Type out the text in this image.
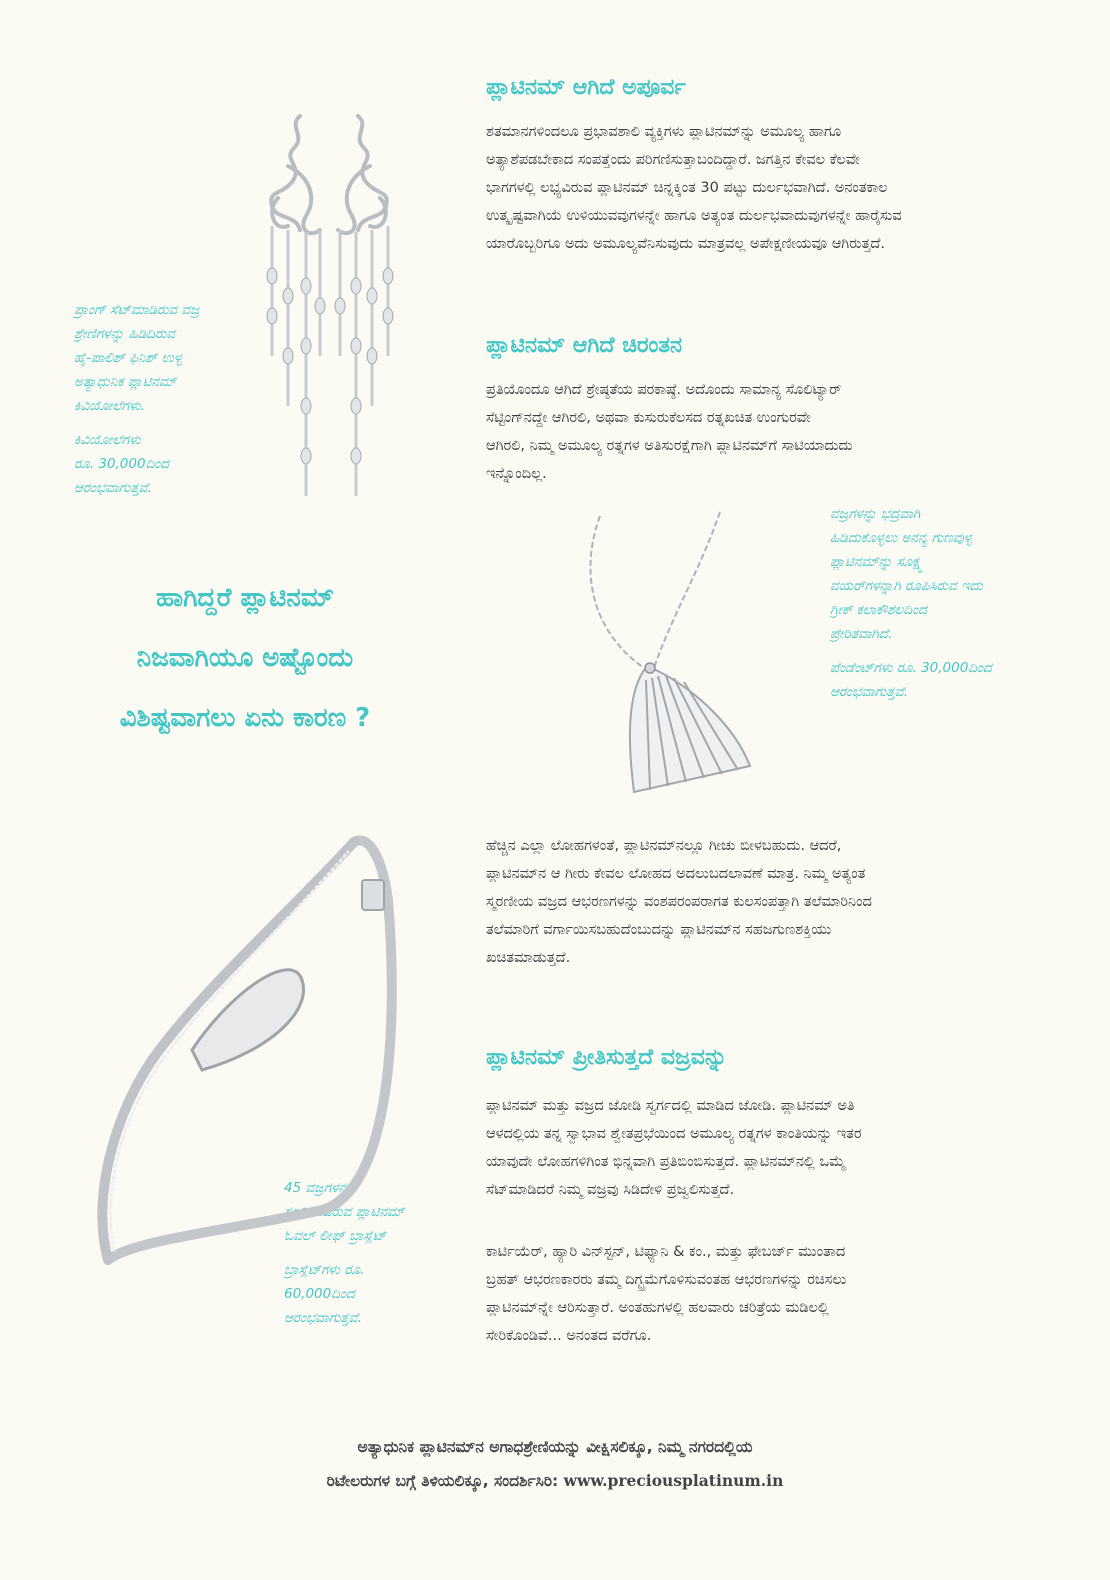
ಪ್ಲಾಟಿನಮ್ ಆಗಿದೆ ಅಪೂರ್ವ
ಶತಮಾನಗಳಿಂದಲೂ ಪ್ರಭಾವಶಾಲಿ ವ್ಯಕ್ತಿಗಳು ಪ್ಲಾಟಿನಮ್‌ನ್ನು ಅಮೂಲ್ಯ ಹಾಗೂ
ಅತ್ಯಾಶೆಪಡಬೇಕಾದ ಸಂಪತ್ತೆಂದು ಪರಿಗಣಿಸುತ್ತಾಬಂದಿದ್ದಾರೆ. ಜಗತ್ತಿನ ಕೇವಲ ಕೆಲವೇ
ಭಾಗಗಳಲ್ಲಿ ಲಭ್ಯವಿರುವ ಪ್ಲಾಟಿನಮ್ ಚಿನ್ನಕ್ಕಿಂತ 30 ಪಟ್ಟು ದುರ್ಲಭವಾಗಿದೆ. ಅನಂತಕಾಲ
ಉತ್ಕೃಷ್ಟವಾಗಿಯೆ ಉಳಿಯುವವುಗಳನ್ನೇ ಹಾಗೂ ಅತ್ಯಂತ ದುರ್ಲಭವಾದುವುಗಳನ್ನೇ ಹಾರೈಸುವ
ಯಾರೊಬ್ಬರಿಗೂ ಅದು ಅಮೂಲ್ಯವೆನಿಸುವುದು ಮಾತ್ರವಲ್ಲ ಅಪೇಕ್ಷಣೀಯವೂ ಆಗಿರುತ್ತದೆ.
ಪ್ಲಾಟಿನಮ್ ಆಗಿದೆ ಚಿರಂತನ
ಪ್ರತಿಯೊಂದೂ ಆಗಿದೆ ಶ್ರೇಷ್ಠತೆಯ ಪರಕಾಷ್ಠೆ. ಅದೊಂದು ಸಾಮಾನ್ಯ ಸೊಲಿಟ್ಯಾರ್
ಸೆಟ್ಟಿಂಗ್‌ನದ್ದೇ ಆಗಿರಲಿ, ಅಥವಾ ಕುಸುರುಕೆಲಸದ ರತ್ನಖಚಿತ ಉಂಗುರವೇ
ಆಗಿರಲಿ, ನಿಮ್ಮ ಅಮೂಲ್ಯ ರತ್ನಗಳ ಅತಿಸುರಕ್ಷೆಗಾಗಿ ಪ್ಲಾಟಿನಮ್‌ಗೆ ಸಾಟಿಯಾದುದು
ಇನ್ನೊಂದಿಲ್ಲ.
ಹೆಚ್ಚಿನ ಎಲ್ಲಾ ಲೋಹಗಳಂತೆ, ಪ್ಲಾಟಿನಮ್‌ನಲ್ಲೂ ಗೀಚು ಬೀಳಬಹುದು. ಆದರೆ,
ಪ್ಲಾಟಿನಮ್‌ನ ಆ ಗೀರು ಕೇವಲ ಲೋಹದ ಅದಲುಬದಲಾವಣೆ ಮಾತ್ರ. ನಿಮ್ಮ ಅತ್ಯಂತ
ಸ್ಮರಣೀಯ ವಜ್ರದ ಆಭರಣಗಳನ್ನು ವಂಶಪರಂಪರಾಗತ ಕುಲಸಂಪತ್ತಾಗಿ ತಲೆಮಾರಿನಿಂದ
ತಲೆಮಾರಿಗೆ ವರ್ಗಾಯಿಸಬಹುದೆಂಬುದನ್ನು ಪ್ಲಾಟಿನಮ್‌ನ ಸಹಜಗುಣಶಕ್ತಿಯು
ಖಚಿತಮಾಡುತ್ತದೆ.
ಪ್ಲಾಟಿನಮ್ ಪ್ರೀತಿಸುತ್ತದೆ ವಜ್ರವನ್ನು
ಪ್ಲಾಟಿನಮ್ ಮತ್ತು ವಜ್ರದ ಜೋಡಿ ಸ್ವರ್ಗದಲ್ಲಿ ಮಾಡಿದ ಜೋಡಿ. ಪ್ಲಾಟಿನಮ್ ಅತಿ
ಆಳದಲ್ಲಿಯ ತನ್ನ ಸ್ವಾಭಾವ ಶ್ವೇತಪ್ರಭೆಯಿಂದ ಅಮೂಲ್ಯ ರತ್ನಗಳ ಕಾಂತಿಯನ್ನು ಇತರ
ಯಾವುದೇ ಲೋಹಗಳಿಗಿಂತ ಭಿನ್ನವಾಗಿ ಪ್ರತಿಬಿಂಬಿಸುತ್ತದೆ. ಪ್ಲಾಟಿನಮ್‌ನಲ್ಲಿ ಒಮ್ಮೆ
ಸೆಟ್‌ಮಾಡಿದರೆ ನಿಮ್ಮ ವಜ್ರವು ಸಿಡಿದೇಳಿ ಪ್ರಜ್ವಲಿಸುತ್ತದೆ.
ಕಾರ್ಟಿಯೆರ್, ಹ್ಯಾರಿ ವಿನ್‌ಸ್ಟನ್, ಟಿಫ್ಯಾನಿ & ಕಂ., ಮತ್ತು ಫೇಬರ್ಜ್ ಮುಂತಾದ
ಬ್ರಹತ್ ಆಭರಣಕಾರರು ತಮ್ಮ ದಿಗ್ಭ್ರಮೆಗೊಳಿಸುವಂತಹ ಆಭರಣಗಳನ್ನು ರಚಿಸಲು
ಪ್ಲಾಟಿನಮ್‌ನ್ನೇ ಆರಿಸುತ್ತಾರೆ. ಅಂತಹುಗಳಲ್ಲಿ ಹಲವಾರು ಚರಿತ್ರೆಯ ಮಡಿಲಲ್ಲಿ
ಸೇರಿಕೊಂಡಿವೆ... ಅನಂತದ ವರೆಗೂ.
ಹಾಗಿದ್ದರೆ ಪ್ಲಾಟಿನಮ್
ನಿಜವಾಗಿಯೂ ಅಷ್ಟೊಂದು
ವಿಶಿಷ್ಟವಾಗಲು ಏನು ಕಾರಣ ?

ಪ್ರಾಂಗ್ ಸೆಟ್‌ಮಾಡಿರುವ ವಜ್ರ
ಶ್ರೇಣಿಗಳನ್ನು ಹಿಡಿದಿರುವ
ಹೈ-ಪಾಲಿಶ್ ಫಿನಿಶ್ ಉಳ್ಳ
ಅತ್ಯಾಧುನಿಕ ಪ್ಲಾಟಿನಮ್
ಕಿವಿಯೋಲೆಗಳು.

ಕಿವಿಯೋಲೆಗಳು
ರೂ. 30,000ದಿಂದ
ಆರಂಭವಾಗುತ್ತವೆ.

ವಜ್ರಗಳನ್ನು ಭದ್ರವಾಗಿ
ಹಿಡಿದುಕೊಳ್ಳಲು ಅನನ್ಯ ಗುಣವುಳ್ಳ
ಪ್ಲಾಟಿನಮ್‌ನ್ನು ಸೂಕ್ಷ್ಮ
ವಯರ್‌ಗಳನ್ನಾಗಿ ರೂಪಿಸಿರುವ ಇದು
ಗ್ರೀಕ್ ಕಲಾಕೌಶಲದಿಂದ
ಪ್ರೇರಿತವಾಗಿದೆ.

ಪೆಂಡೆಂಟ್‌ಗಳು ರೂ. 30,000ದಿಂದ
ಆರಂಭವಾಗುತ್ತವೆ.

45 ವಜ್ರಗಳನ್ನು
ಸ್ಟಡ್‌ಮಾಡಿರುವ ಪ್ಲಾಟಿನಮ್
ಓವಲ್ ಲೀಫ್ ಬ್ರಾಸ್ಲೆಟ್

ಬ್ರಾಸ್ಲೆಟ್‌ಗಳು ರೂ.
60,000ದಿಂದ
ಆರಂಭವಾಗುತ್ತವೆ.

ಅತ್ಯಾಧುನಿಕ ಪ್ಲಾಟಿನಮ್‌ನ ಅಗಾಧಶ್ರೇಣಿಯನ್ನು ವೀಕ್ಷಿಸಲಿಕ್ಕೂ, ನಿಮ್ಮ ನಗರದಲ್ಲಿಯ
ರಿಟೇಲರುಗಳ ಬಗ್ಗೆ ತಿಳಿಯಲಿಕ್ಕೂ, ಸಂದರ್ಶಿಸಿರಿ: www.preciousplatinum.in
